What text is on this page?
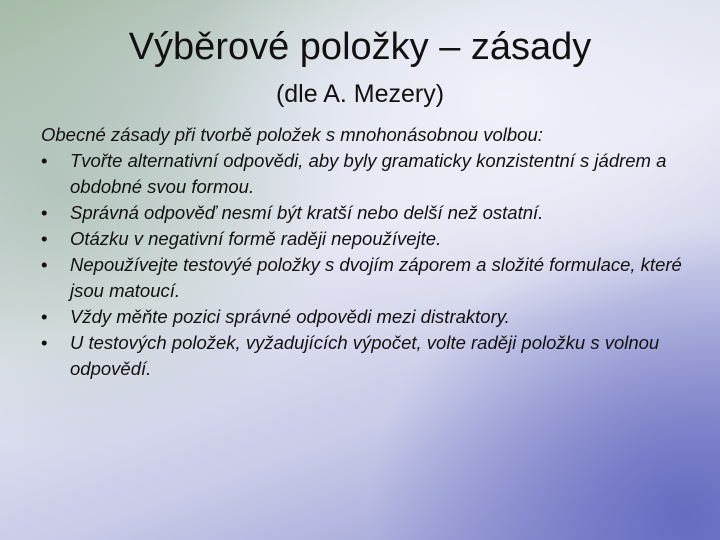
Výběrové položky – zásady
(dle A. Mezery)

Obecné zásady při tvorbě položek s mnohonásobnou volbou:

• Tvořte alternativní odpovědi, aby byly gramaticky konzistentní s jádrem a obdobné svou formou.
• Správná odpověď nesmí být kratší nebo delší než ostatní.
• Otázku v negativní formě raději nepoužívejte.
• Nepoužívejte testovýé položky s dvojím záporem a složité formulace, které jsou matoucí.
• Vždy měňte pozici správné odpovědi mezi distraktory.
• U testových položek, vyžadujících výpočet, volte raději položku s volnou odpovědí.
